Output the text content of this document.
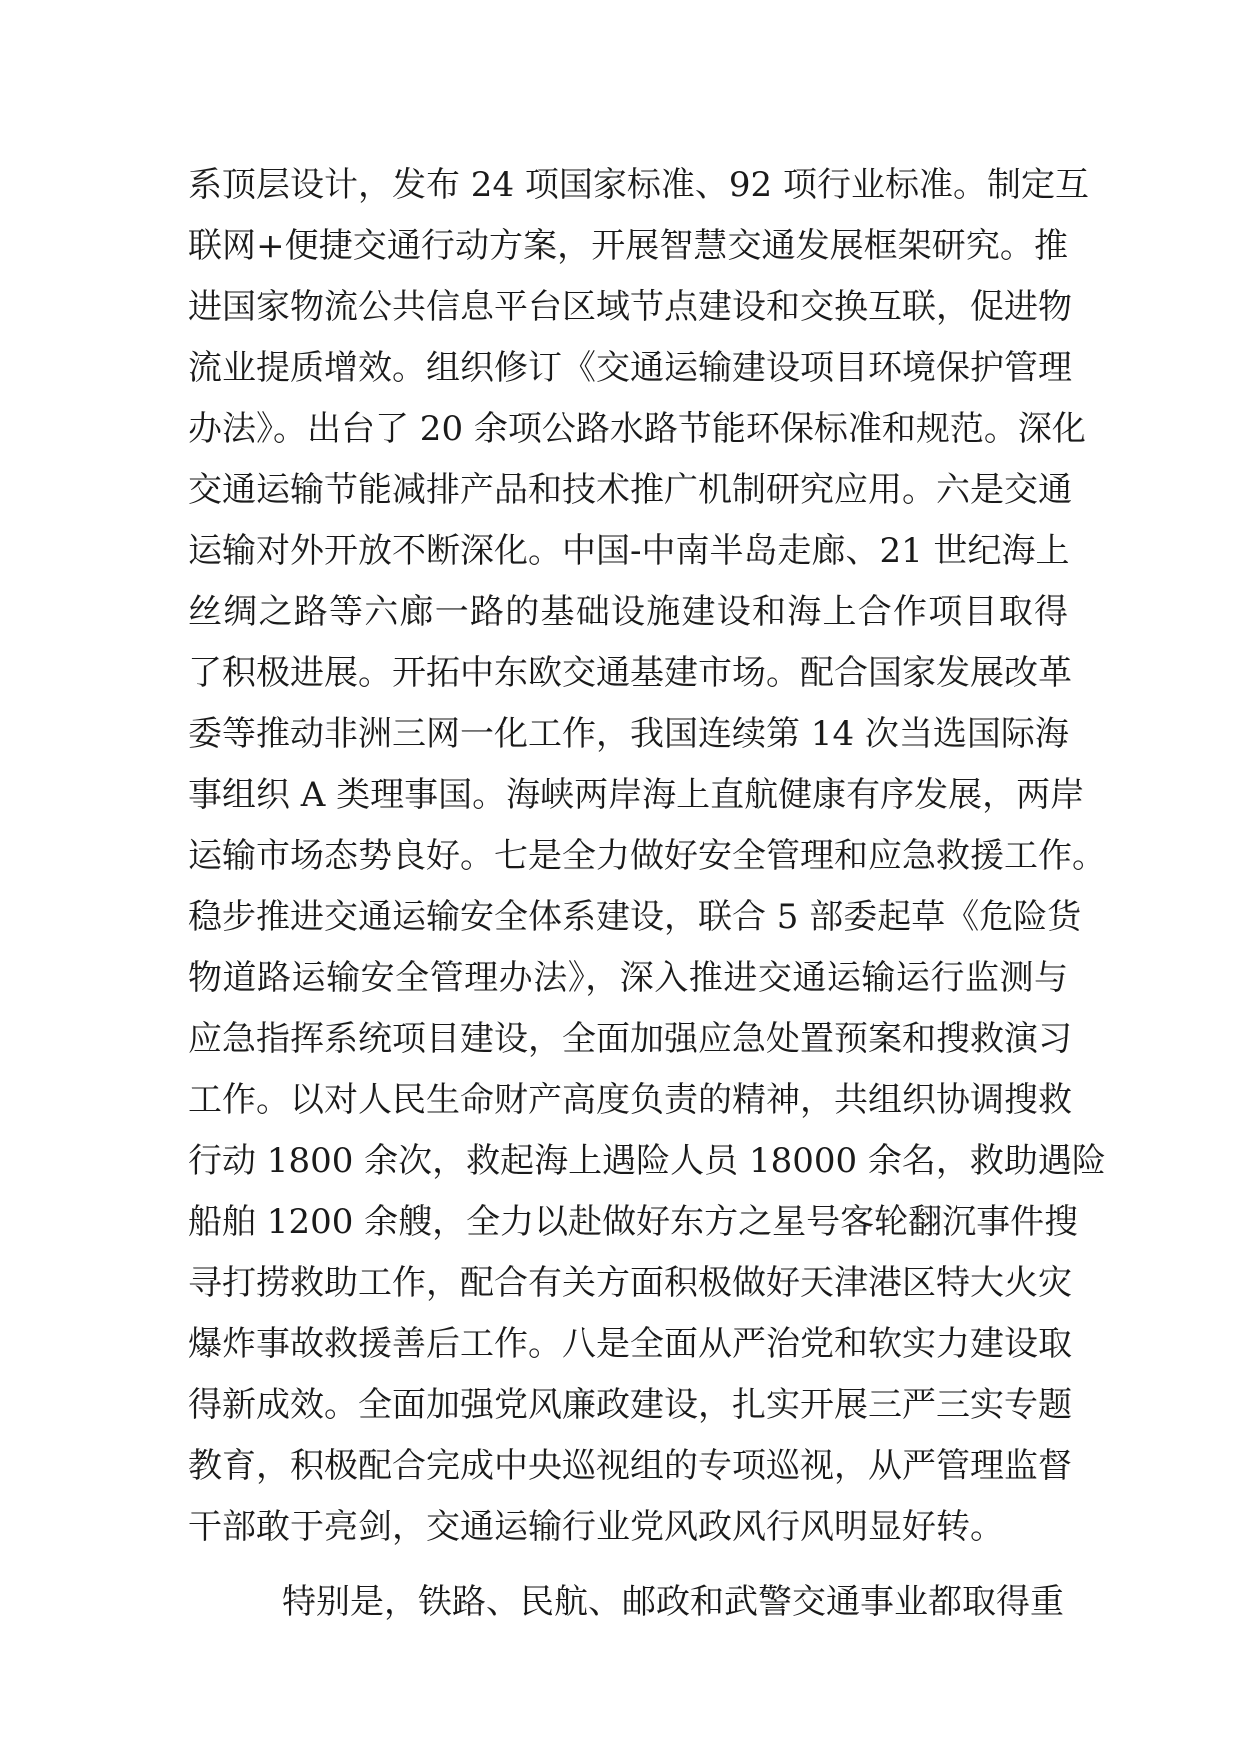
系顶层设计，发布 24 项国家标准、92 项行业标准。制定互
联网+便捷交通行动方案，开展智慧交通发展框架研究。推
进国家物流公共信息平台区域节点建设和交换互联，促进物
流业提质增效。组织修订《交通运输建设项目环境保护管理
办法》。出台了 20 余项公路水路节能环保标准和规范。深化
交通运输节能减排产品和技术推广机制研究应用。六是交通
运输对外开放不断深化。中国-中南半岛走廊、21 世纪海上
丝绸之路等六廊一路的基础设施建设和海上合作项目取得
了积极进展。开拓中东欧交通基建市场。配合国家发展改革
委等推动非洲三网一化工作，我国连续第 14 次当选国际海
事组织 A 类理事国。海峡两岸海上直航健康有序发展，两岸
运输市场态势良好。七是全力做好安全管理和应急救援工作。
稳步推进交通运输安全体系建设，联合 5 部委起草《危险货
物道路运输安全管理办法》，深入推进交通运输运行监测与
应急指挥系统项目建设，全面加强应急处置预案和搜救演习
工作。以对人民生命财产高度负责的精神，共组织协调搜救
行动 1800 余次，救起海上遇险人员 18000 余名，救助遇险
船舶 1200 余艘，全力以赴做好东方之星号客轮翻沉事件搜
寻打捞救助工作，配合有关方面积极做好天津港区特大火灾
爆炸事故救援善后工作。八是全面从严治党和软实力建设取
得新成效。全面加强党风廉政建设，扎实开展三严三实专题
教育，积极配合完成中央巡视组的专项巡视，从严管理监督
干部敢于亮剑，交通运输行业党风政风行风明显好转。
特别是，铁路、民航、邮政和武警交通事业都取得重
